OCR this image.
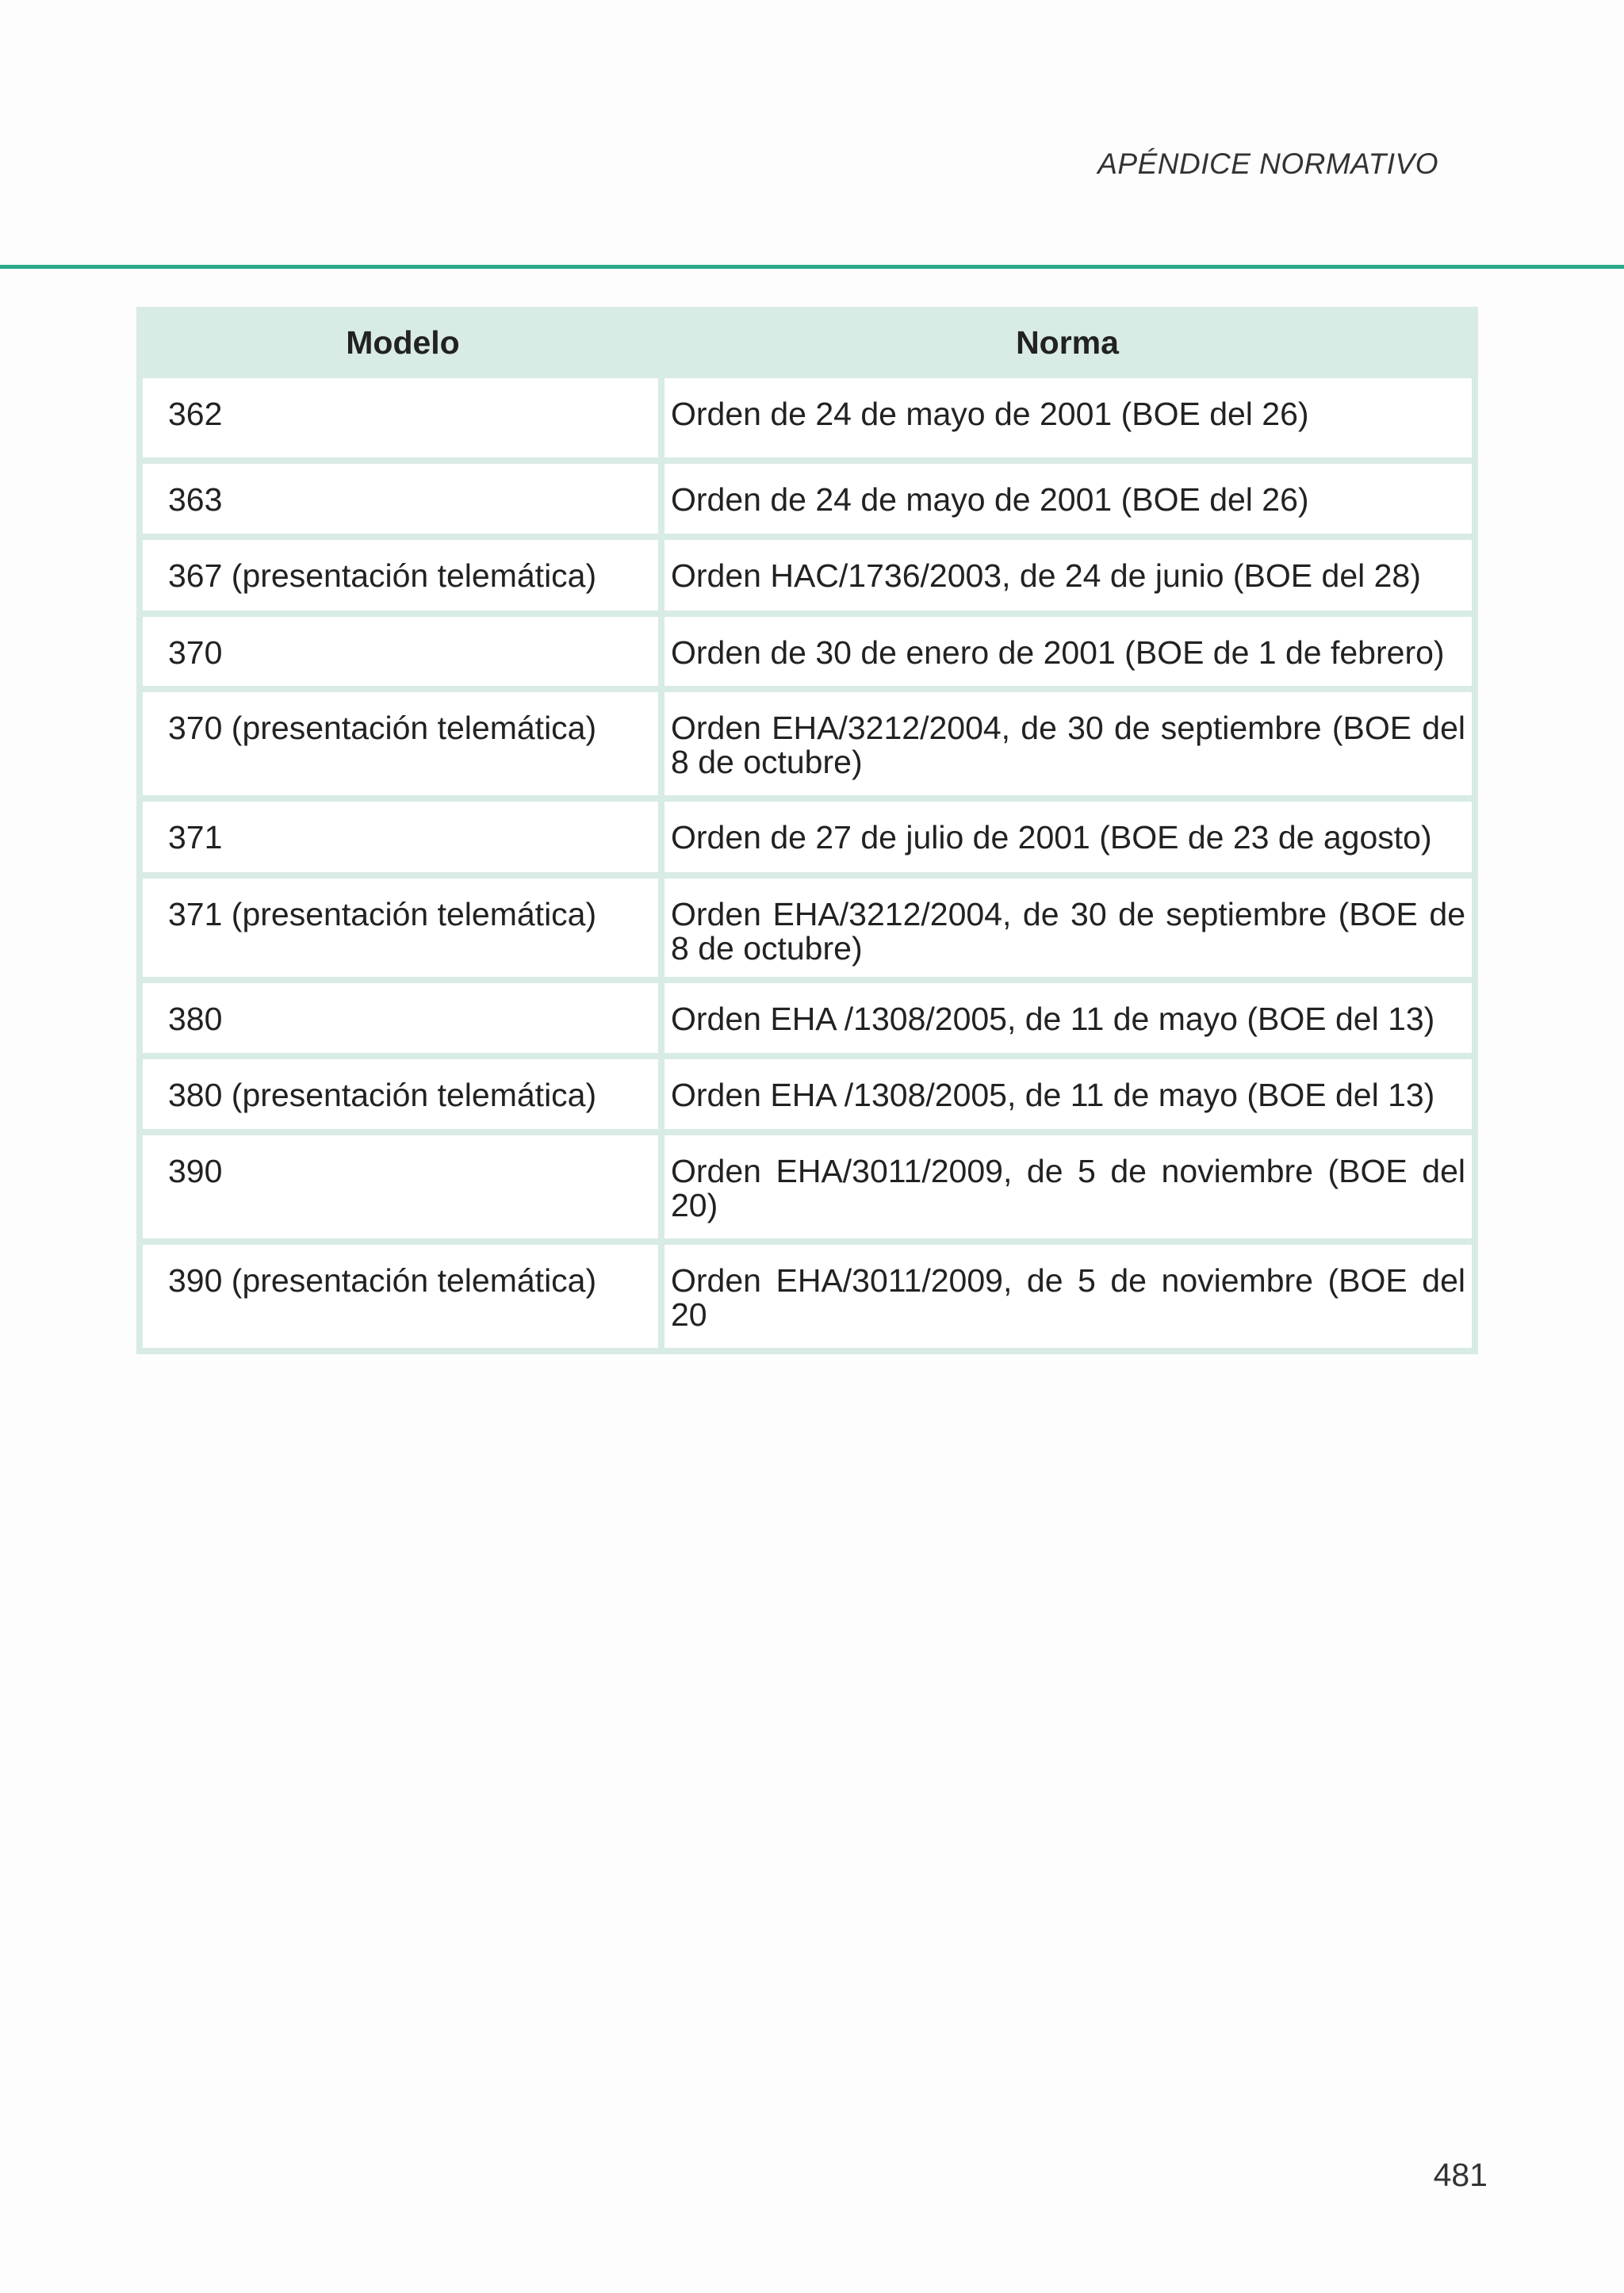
APÉNDICE NORMATIVO
Modelo	Norma
362	Orden de 24 de mayo de 2001 (BOE del 26)
363	Orden de 24 de mayo de 2001 (BOE del 26)
367 (presentación telemática)	Orden HAC/1736/2003, de 24 de junio (BOE del 28)
370	Orden de 30 de enero de 2001 (BOE de 1 de febrero)
370 (presentación telemática)	Orden EHA/3212/2004, de 30 de septiembre (BOE del 8 de octubre)
371	Orden de 27 de julio de 2001 (BOE de 23 de agosto)
371 (presentación telemática)	Orden EHA/3212/2004, de 30 de septiembre (BOE de 8 de octubre)
380	Orden EHA /1308/2005, de 11 de mayo (BOE del 13)
380 (presentación telemática)	Orden EHA /1308/2005, de 11 de mayo (BOE del 13)
390	Orden EHA/3011/2009, de 5 de noviembre (BOE del 20)
390 (presentación telemática)	Orden EHA/3011/2009, de 5 de noviembre (BOE del 20
481
